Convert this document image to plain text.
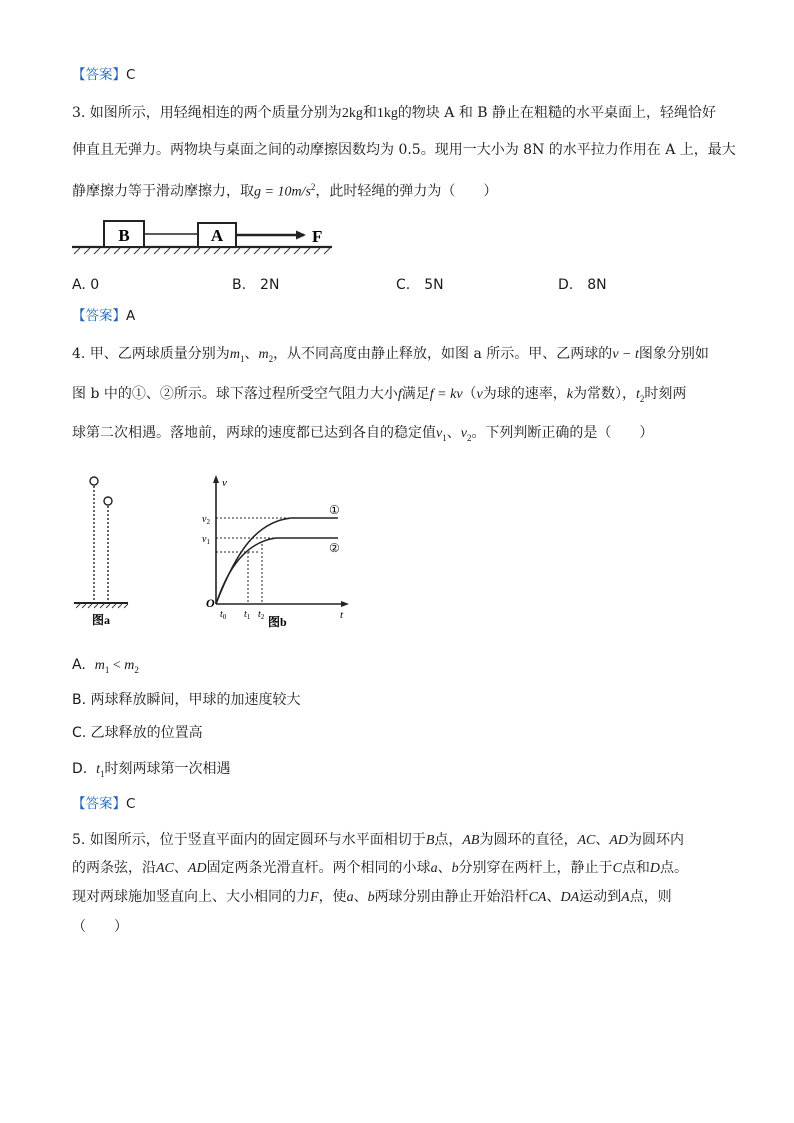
【答案】C
3. 如图所示，用轻绳相连的两个质量分别为2kg和1kg的物块 A 和 B 静止在粗糙的水平桌面上，轻绳恰好
伸直且无弹力。两物块与桌面之间的动摩擦因数均为 0.5。现用一大小为 8N 的水平拉力作用在 A 上，最大
静摩擦力等于滑动摩擦力，取$g = 10m/s^2$，此时轻绳的弹力为（　　）
B	A	F
A. 0	B.　2N	C.　5N	D.　8N
【答案】A
4. 甲、乙两球质量分别为$m_1$、$m_2$，从不同高度由静止释放，如图 a 所示。甲、乙两球的v − t图象分别如
图 b 中的①、②所示。球下落过程所受空气阻力大小f满足f = kv（v为球的速率，k为常数），$t_2$时刻两
球第二次相遇。落地前，两球的速度都已达到各自的稳定值$v_1$、$v_2$。下列判断正确的是（　　）
图a
v
t
O
①
②
$v_2$
$v_1$
$t_0$ $t_1$ $t_2$ 图b
A. $m_1 < m_2$
B. 两球释放瞬间，甲球的加速度较大
C. 乙球释放的位置高
D. $t_1$时刻两球第一次相遇
【答案】C
5. 如图所示，位于竖直平面内的固定圆环与水平面相切于B点，AB为圆环的直径，AC、AD为圆环内
的两条弦，沿AC、AD固定两条光滑直杆。两个相同的小球a、b分别穿在两杆上，静止于C点和D点。
现对两球施加竖直向上、大小相同的力F，使a、b两球分别由静止开始沿杆CA、DA运动到A点，则
（　　）
